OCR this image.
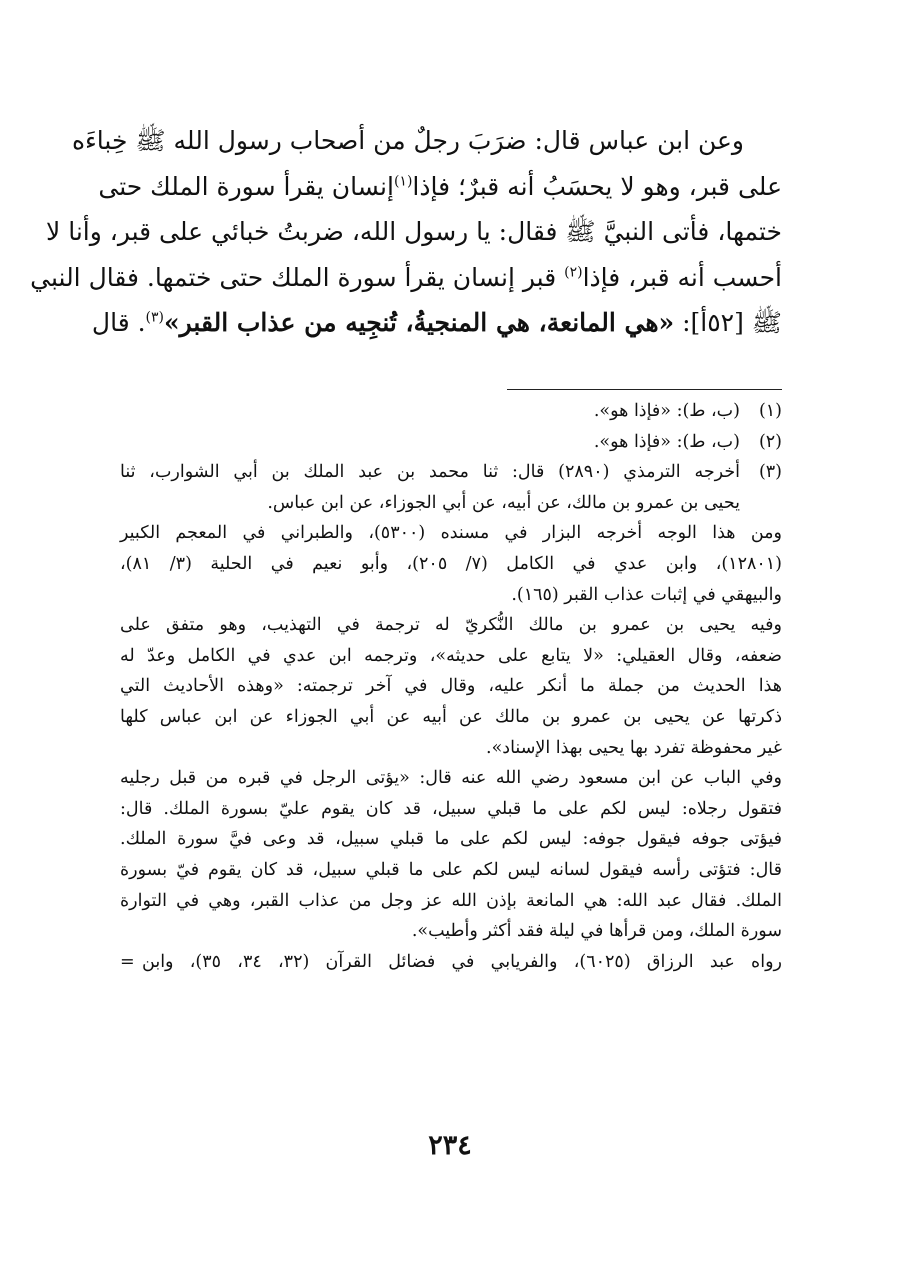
وعن ابن عباس قال: ضرَبَ رجلٌ من أصحاب رسول الله ﷺ خِباءَه
على قبر، وهو لا يحسَبُ أنه قبرٌ؛ فإذا$^{(١)}$إنسان يقرأ سورة الملك حتى
ختمها، فأتى النبيَّ ﷺ فقال: يا رسول الله، ضربتُ خبائي على قبر، وأنا لا
أحسب أنه قبر، فإذا$^{(٢)}$ قبر إنسان يقرأ سورة الملك حتى ختمها. فقال النبي
ﷺ [٥٢أ]: «هي المانعة، هي المنجيةُ، تُنجِيه من عذاب القبر»$^{(٣)}$. قال
(١)
(ب، ط): «فإذا هو».
(٢)
(ب، ط): «فإذا هو».
(٣)
أخرجه الترمذي (٢٨٩٠) قال: ثنا محمد بن عبد الملك بن أبي الشوارب، ثنا
يحيى بن عمرو بن مالك، عن أبيه، عن أبي الجوزاء، عن ابن عباس.
ومن هذا الوجه أخرجه البزار في مسنده (٥٣٠٠)، والطبراني في المعجم الكبير
(١٢٨٠١)، وابن عدي في الكامل (٧/ ٢٠٥)، وأبو نعيم في الحلية (٣/ ٨١)،
والبيهقي في إثبات عذاب القبر (١٦٥).
وفيه يحيى بن عمرو بن مالك النُّكريّ له ترجمة في التهذيب، وهو متفق على
ضعفه، وقال العقيلي: «لا يتابع على حديثه»، وترجمه ابن عدي في الكامل وعدّ له
هذا الحديث من جملة ما أنكر عليه، وقال في آخر ترجمته: «وهذه الأحاديث التي
ذكرتها عن يحيى بن عمرو بن مالك عن أبيه عن أبي الجوزاء عن ابن عباس كلها
غير محفوظة تفرد بها يحيى بهذا الإسناد».
وفي الباب عن ابن مسعود رضي الله عنه قال: «يؤتى الرجل في قبره من قبل رجليه
فتقول رجلاه: ليس لكم على ما قبلي سبيل، قد كان يقوم عليّ بسورة الملك. قال:
فيؤتى جوفه فيقول جوفه: ليس لكم على ما قبلي سبيل، قد وعى فيَّ سورة الملك.
قال: فتؤتى رأسه فيقول لسانه ليس لكم على ما قبلي سبيل، قد كان يقوم فيّ بسورة
الملك. فقال عبد الله: هي المانعة بإذن الله عز وجل من عذاب القبر، وهي في التوارة
سورة الملك، ومن قرأها في ليلة فقد أكثر وأطيب».
رواه عبد الرزاق (٦٠٢٥)، والفريابي في فضائل القرآن (٣٢، ٣٤، ٣٥)، وابن
=
٢٣٤
